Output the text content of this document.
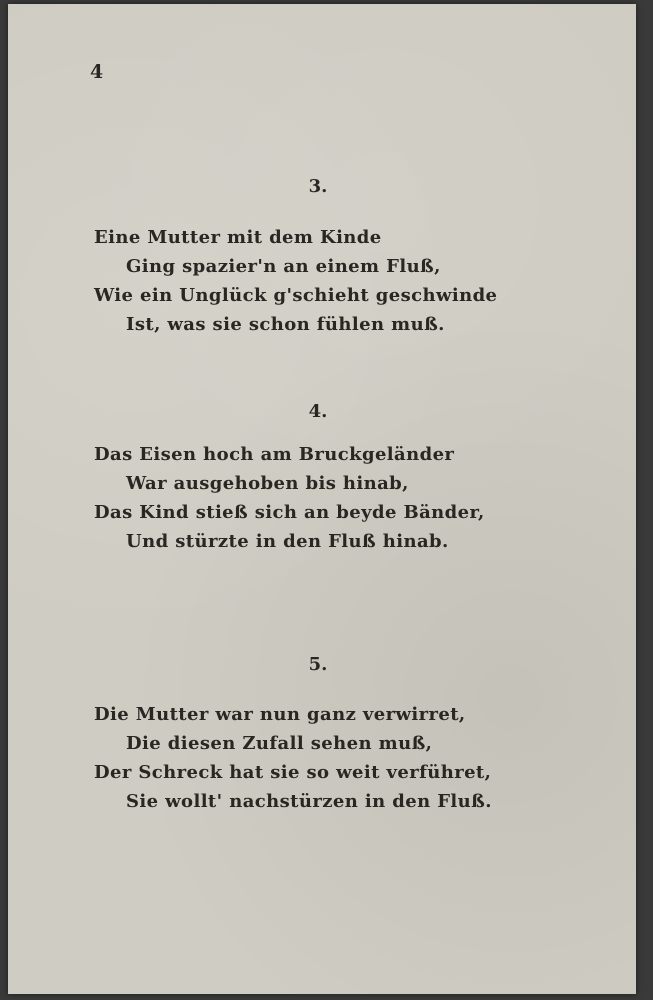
4
3.
Eine Mutter mit dem Kinde
Ging spazier'n an einem Fluß,
Wie ein Unglück g'schieht geschwinde
Ist, was sie schon fühlen muß.
4.
Das Eisen hoch am Bruckgeländer
War ausgehoben bis hinab,
Das Kind stieß sich an beyde Bänder,
Und stürzte in den Fluß hinab.
5.
Die Mutter war nun ganz verwirret,
Die diesen Zufall sehen muß,
Der Schreck hat sie so weit verführet,
Sie wollt' nachstürzen in den Fluß.
